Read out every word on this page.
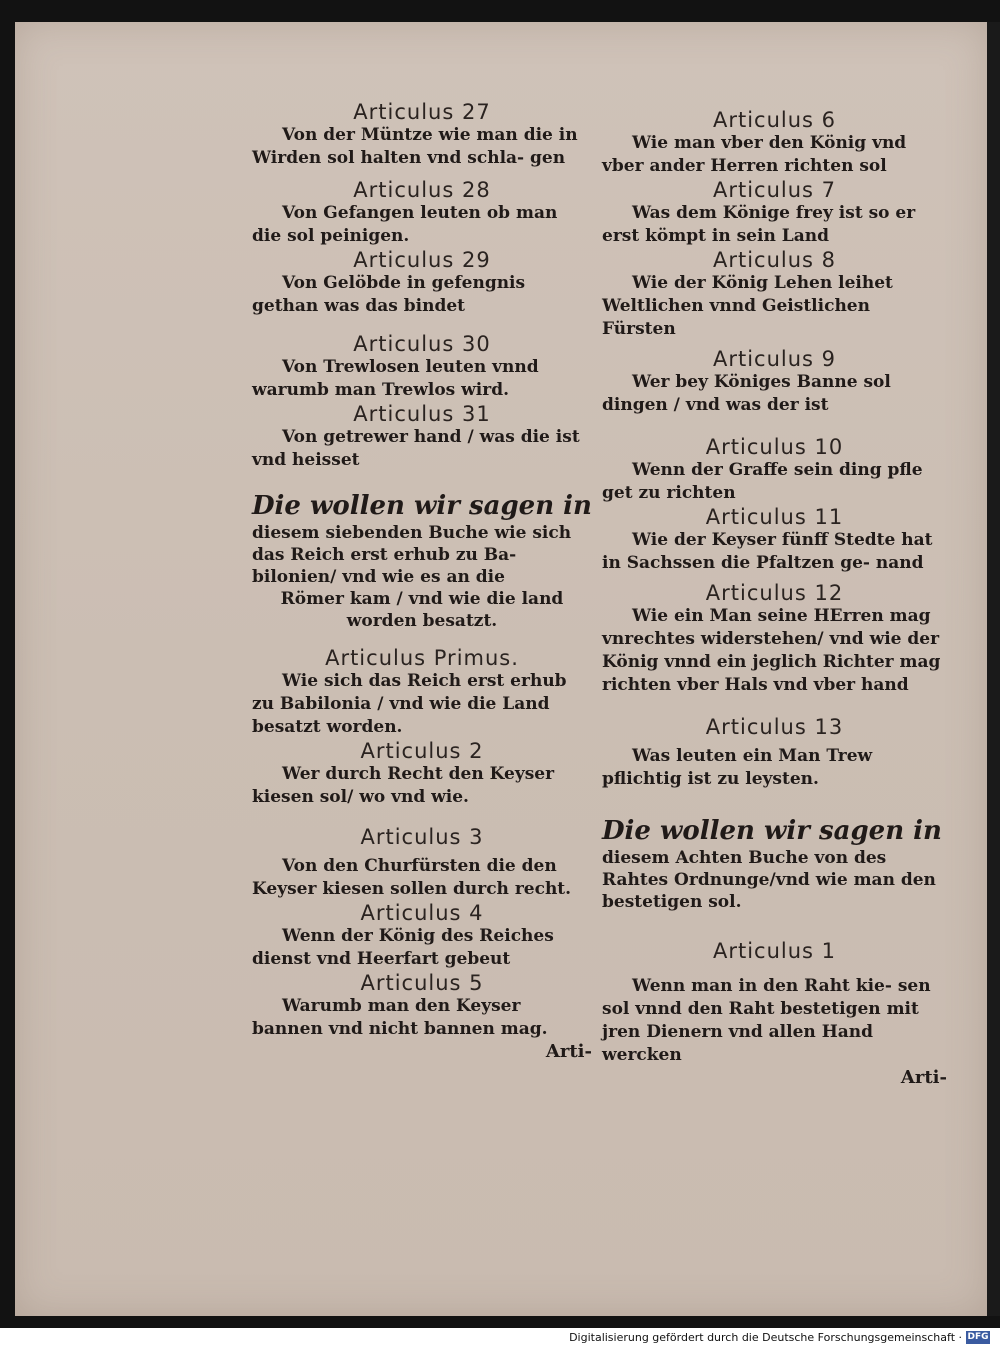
Articulus 27

Von der Müntze wie man die in Wirden sol halten vnd schla‑ gen

Articulus 28

Von Gefangen leuten ob man die sol peinigen.

Articulus 29

Von Gelöbde in gefengnis gethan was das bindet

Articulus 30

Von Trewlosen leuten vnnd warumb man Trewlos wird.

Articulus 31

Von getrewer hand / was die ist vnd heisset

Die wollen wir sagen in

diesem siebenden Buche wie sich das Reich erst erhub zu Ba‑ bilonien/ vnd wie es an die

Römer kam / vnd wie die land worden besatzt.

Articulus Primus.

Wie sich das Reich erst erhub zu Babilonia / vnd wie die Land besatzt worden.

Articulus 2

Wer durch Recht den Keyser kiesen sol/ wo vnd wie.

Articulus 3

Von den Churfürsten die den Keyser kiesen sollen durch recht.

Articulus 4

Wenn der König des Reiches dienst vnd Heerfart gebeut

Articulus 5

Warumb man den Keyser bannen vnd nicht bannen mag.

Arti‑

Articulus 6

Wie man vber den König vnd vber ander Herren richten sol

Articulus 7

Was dem Könige frey ist so er erst kömpt in sein Land

Articulus 8

Wie der König Lehen leihet Weltlichen vnnd Geistlichen Fürsten

Articulus 9

Wer bey Königes Banne sol dingen / vnd was der ist

Articulus 10

Wenn der Graffe sein ding pfle get zu richten

Articulus 11

Wie der Keyser fünff Stedte hat in Sachssen die Pfaltzen ge‑ nand

Articulus 12

Wie ein Man seine HErren mag vnrechtes widerstehen/ vnd wie der König vnnd ein jeglich Richter mag richten vber Hals vnd vber hand

Articulus 13

Was leuten ein Man Trew pflichtig ist zu leysten.

Die wollen wir sagen in

diesem Achten Buche von des Rahtes Ordnunge/vnd wie man den bestetigen sol.

Articulus 1

Wenn man in den Raht kie‑ sen sol vnnd den Raht bestetigen mit jren Dienern vnd allen Hand wercken

Arti‑

Digitalisierung gefördert durch die Deutsche Forschungsgemeinschaft · DFG
